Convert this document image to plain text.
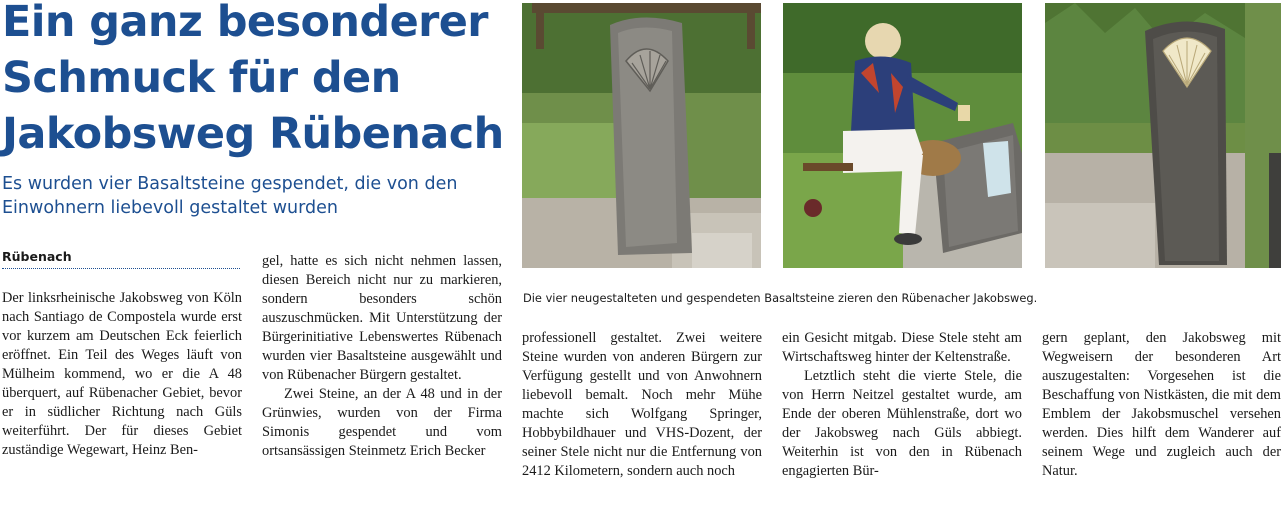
Ein ganz besonderer
Schmuck für den
Jakobsweg Rübenach
Es wurden vier Basaltsteine gespendet, die von den
Einwohnern liebevoll gestaltet wurden
Rübenach

Der linksrheinische Jakobsweg von Köln nach Santiago de Compostela wurde erst vor kurzem am Deutschen Eck feierlich eröffnet. Ein Teil des Weges läuft von Mülheim kommend, wo er die A 48 überquert, auf Rübenacher Gebiet, bevor er in südlicher Richtung nach Güls weiterführt. Der für dieses Gebiet zuständige Wegewart, Heinz Ben-

gel, hatte es sich nicht nehmen lassen, diesen Bereich nicht nur zu markieren, sondern besonders schön auszuschmücken. Mit Unterstützung der Bürgerinitiative Lebenswertes Rübenach wurden vier Basaltsteine ausgewählt und von Rübenacher Bürgern gestaltet.

Zwei Steine, an der A 48 und in der Grünwies, wurden von der Firma Simonis gespendet und vom ortsansässigen Steinmetz Erich Becker

professionell gestaltet. Zwei weitere Steine wurden von anderen Bürgern zur Verfügung gestellt und von Anwohnern liebevoll bemalt. Noch mehr Mühe machte sich Wolfgang Springer, Hobbybildhauer und VHS-Dozent, der seiner Stele nicht nur die Entfernung von 2412 Kilometern, sondern auch noch

ein Gesicht mitgab. Diese Stele steht am Wirtschaftsweg hinter der Keltenstraße.

Letztlich steht die vierte Stele, die von Herrn Neitzel gestaltet wurde, am Ende der oberen Mühlenstraße, dort wo der Jakobsweg nach Güls abbiegt. Weiterhin ist von den in Rübenach engagierten Bür-

gern geplant, den Jakobsweg mit Wegweisern der besonderen Art auszugestalten: Vorgesehen ist die Beschaffung von Nistkästen, die mit dem Emblem der Jakobsmuschel versehen werden. Dies hilft dem Wanderer auf seinem Wege und zugleich auch der Natur.

Die vier neugestalteten und gespendeten Basaltsteine zieren den Rübenacher Jakobsweg.
